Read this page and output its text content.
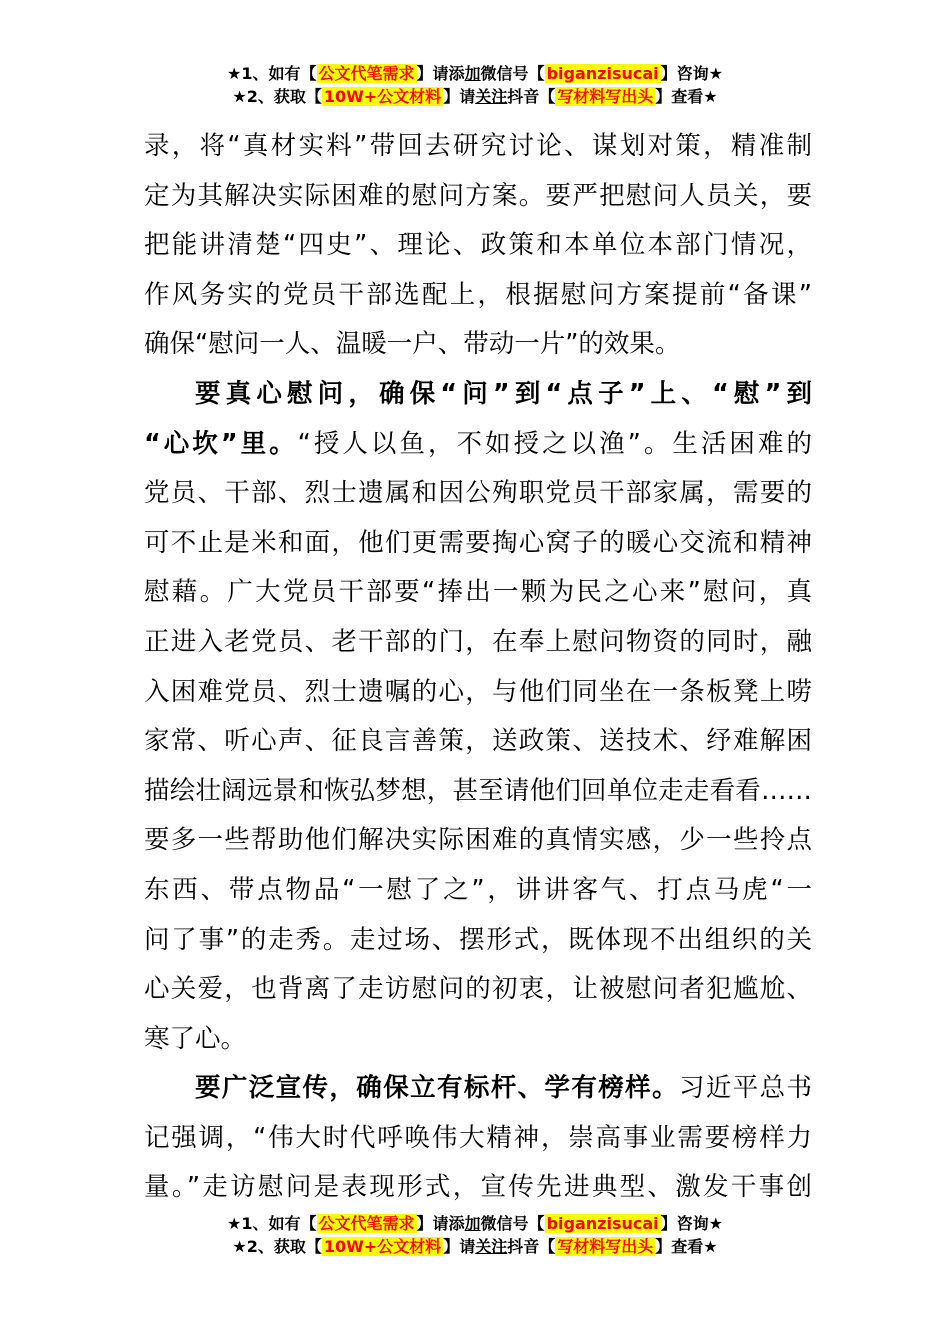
★1、如有【 公文代笔需求 】请添加微信号【 biganzisucai 】咨询★
★2、获取【 10W+公文材料 】请关注抖音【 写材料写出头 】查看★
录，将“真材实料”带回去研究讨论、谋划对策，精准制
定为其解决实际困难的慰问方案。要严把慰问人员关，要
把能讲清楚“四史”、理论、政策和本单位本部门情况，
作风务实的党员干部选配上，根据慰问方案提前“备课”
确保“慰问一人、温暖一户、带动一片”的效果。
要真心慰问，确保“问”到“点子”上、“慰”到
“心坎”里。“授人以鱼，不如授之以渔”。生活困难的
党员、干部、烈士遗属和因公殉职党员干部家属，需要的
可不止是米和面，他们更需要掏心窝子的暖心交流和精神
慰藉。广大党员干部要“捧出一颗为民之心来”慰问，真
正进入老党员、老干部的门，在奉上慰问物资的同时，融
入困难党员、烈士遗嘱的心，与他们同坐在一条板凳上唠
家常、听心声、征良言善策，送政策、送技术、纾难解困
描绘壮阔远景和恢弘梦想，甚至请他们回单位走走看看……
要多一些帮助他们解决实际困难的真情实感，少一些拎点
东西、带点物品“一慰了之”，讲讲客气、打点马虎“一
问了事”的走秀。走过场、摆形式，既体现不出组织的关
心关爱，也背离了走访慰问的初衷，让被慰问者犯尴尬、
寒了心。
要广泛宣传，确保立有标杆、学有榜样。习近平总书
记强调，“伟大时代呼唤伟大精神，崇高事业需要榜样力
量。”走访慰问是表现形式，宣传先进典型、激发干事创
★1、如有【 公文代笔需求 】请添加微信号【 biganzisucai 】咨询★
★2、获取【 10W+公文材料 】请关注抖音【 写材料写出头 】查看★
